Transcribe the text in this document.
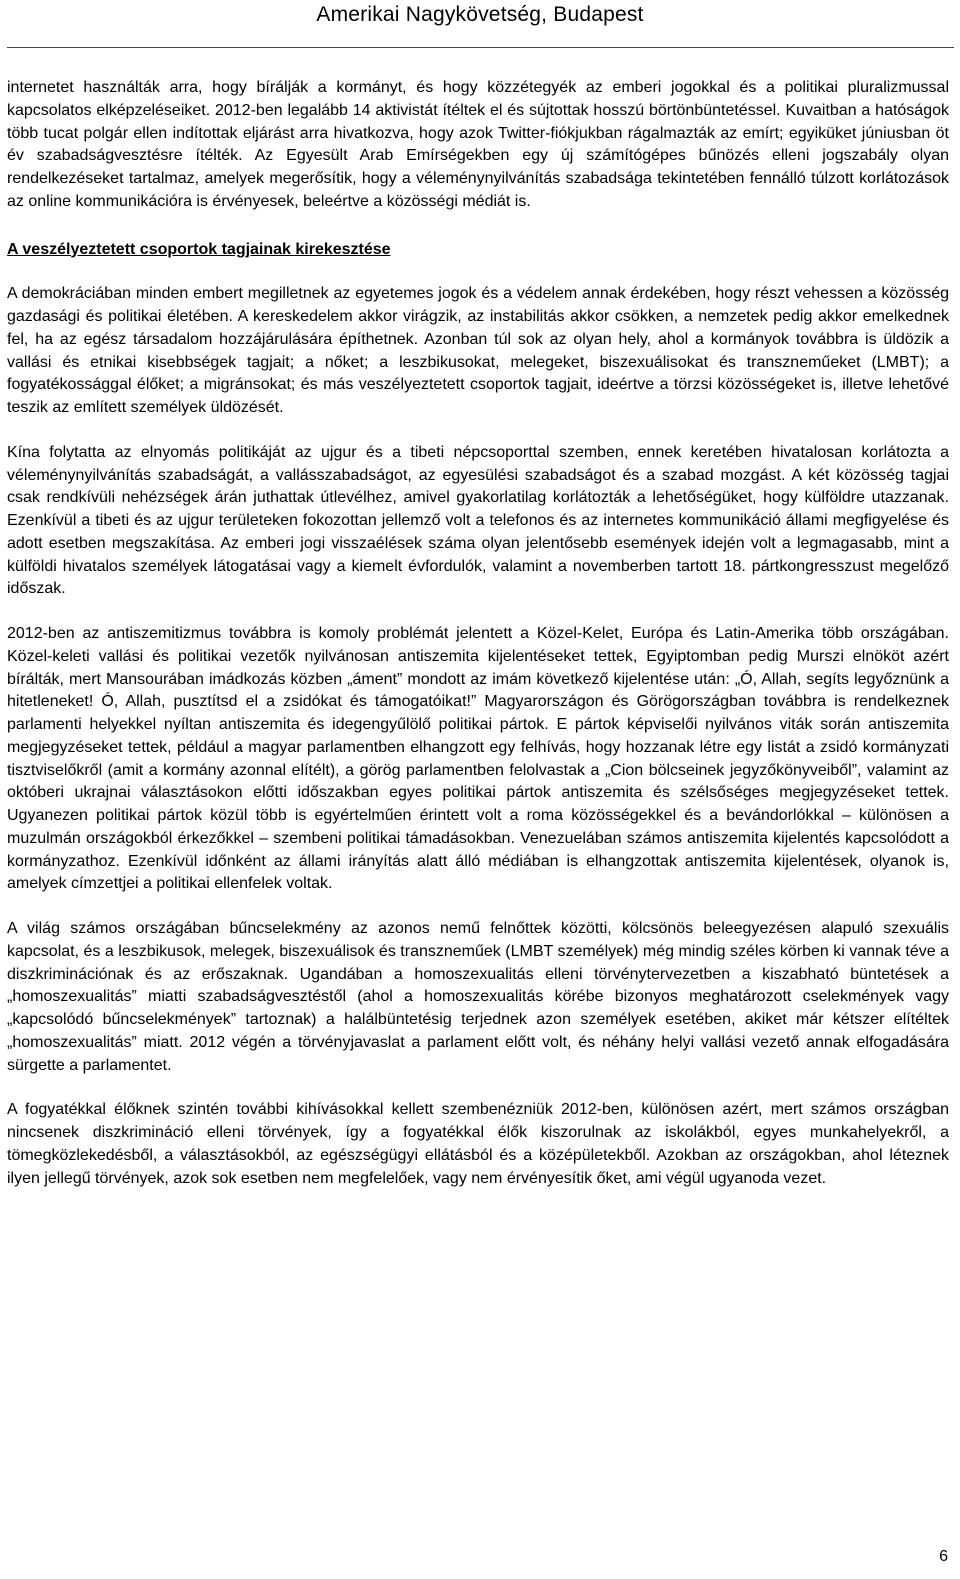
Amerikai Nagykövetség, Budapest

internetet használták arra, hogy bírálják a kormányt, és hogy közzétegyék az emberi jogokkal és a politikai pluralizmussal kapcsolatos elképzeléseiket. 2012-ben legalább 14 aktivistát ítéltek el és sújtottak hosszú börtönbüntetéssel. Kuvaitban a hatóságok több tucat polgár ellen indítottak eljárást arra hivatkozva, hogy azok Twitter-fiókjukban rágalmazták az emírt; egyiküket júniusban öt év szabadságvesztésre ítélték. Az Egyesült Arab Emírségekben egy új számítógépes bűnözés elleni jogszabály olyan rendelkezéseket tartalmaz, amelyek megerősítik, hogy a véleménynyilvánítás szabadsága tekintetében fennálló túlzott korlátozások az online kommunikációra is érvényesek, beleértve a közösségi médiát is.

A veszélyeztetett csoportok tagjainak kirekesztése

A demokráciában minden embert megilletnek az egyetemes jogok és a védelem annak érdekében, hogy részt vehessen a közösség gazdasági és politikai életében. A kereskedelem akkor virágzik, az instabilitás akkor csökken, a nemzetek pedig akkor emelkednek fel, ha az egész társadalom hozzájárulására építhetnek. Azonban túl sok az olyan hely, ahol a kormányok továbbra is üldözik a vallási és etnikai kisebbségek tagjait; a nőket; a leszbikusokat, melegeket, biszexuálisokat és transzneműeket (LMBT); a fogyatékossággal élőket; a migránsokat; és más veszélyeztetett csoportok tagjait, ideértve a törzsi közösségeket is, illetve lehetővé teszik az említett személyek üldözését.

Kína folytatta az elnyomás politikáját az ujgur és a tibeti népcsoporttal szemben, ennek keretében hivatalosan korlátozta a véleménynyilvánítás szabadságát, a vallásszabadságot, az egyesülési szabadságot és a szabad mozgást. A két közösség tagjai csak rendkívüli nehézségek árán juthattak útlevélhez, amivel gyakorlatilag korlátozták a lehetőségüket, hogy külföldre utazzanak. Ezenkívül a tibeti és az ujgur területeken fokozottan jellemző volt a telefonos és az internetes kommunikáció állami megfigyelése és adott esetben megszakítása. Az emberi jogi visszaélések száma olyan jelentősebb események idején volt a legmagasabb, mint a külföldi hivatalos személyek látogatásai vagy a kiemelt évfordulók, valamint a novemberben tartott 18. pártkongresszust megelőző időszak.

2012-ben az antiszemitizmus továbbra is komoly problémát jelentett a Közel-Kelet, Európa és Latin-Amerika több országában. Közel-keleti vallási és politikai vezetők nyilvánosan antiszemita kijelentéseket tettek, Egyiptomban pedig Murszi elnököt azért bírálták, mert Mansourában imádkozás közben „áment” mondott az imám következő kijelentése után: „Ó, Allah, segíts legyőznünk a hitetleneket! Ó, Allah, pusztítsd el a zsidókat és támogatóikat!” Magyarországon és Görögországban továbbra is rendelkeznek parlamenti helyekkel nyíltan antiszemita és idegengyűlölő politikai pártok. E pártok képviselői nyilvános viták során antiszemita megjegyzéseket tettek, például a magyar parlamentben elhangzott egy felhívás, hogy hozzanak létre egy listát a zsidó kormányzati tisztviselőkről (amit a kormány azonnal elítélt), a görög parlamentben felolvastak a „Cion bölcseinek jegyzőkönyveiből”, valamint az októberi ukrajnai választásokon előtti időszakban egyes politikai pártok antiszemita és szélsőséges megjegyzéseket tettek. Ugyanezen politikai pártok közül több is egyértelműen érintett volt a roma közösségekkel és a bevándorlókkal – különösen a muzulmán országokból érkezőkkel – szembeni politikai támadásokban. Venezuelában számos antiszemita kijelentés kapcsolódott a kormányzathoz. Ezenkívül időnként az állami irányítás alatt álló médiában is elhangzottak antiszemita kijelentések, olyanok is, amelyek címzettjei a politikai ellenfelek voltak.

A világ számos országában bűncselekmény az azonos nemű felnőttek közötti, kölcsönös beleegyezésen alapuló szexuális kapcsolat, és a leszbikusok, melegek, biszexuálisok és transzneműek (LMBT személyek) még mindig széles körben ki vannak téve a diszkriminációnak és az erőszaknak. Ugandában a homoszexualitás elleni törvénytervezetben a kiszabható büntetések a „homoszexualitás” miatti szabadságvesztéstől (ahol a homoszexualitás körébe bizonyos meghatározott cselekmények vagy „kapcsolódó bűncselekmények” tartoznak) a halálbüntetésig terjednek azon személyek esetében, akiket már kétszer elítéltek „homoszexualitás” miatt. 2012 végén a törvényjavaslat a parlament előtt volt, és néhány helyi vallási vezető annak elfogadására sürgette a parlamentet.

A fogyatékkal élőknek szintén további kihívásokkal kellett szembenézniük 2012-ben, különösen azért, mert számos országban nincsenek diszkrimináció elleni törvények, így a fogyatékkal élők kiszorulnak az iskolákból, egyes munkahelyekről, a tömegközlekedésből, a választásokból, az egészségügyi ellátásból és a középületekből. Azokban az országokban, ahol léteznek ilyen jellegű törvények, azok sok esetben nem megfelelőek, vagy nem érvényesítik őket, ami végül ugyanoda vezet.

6
